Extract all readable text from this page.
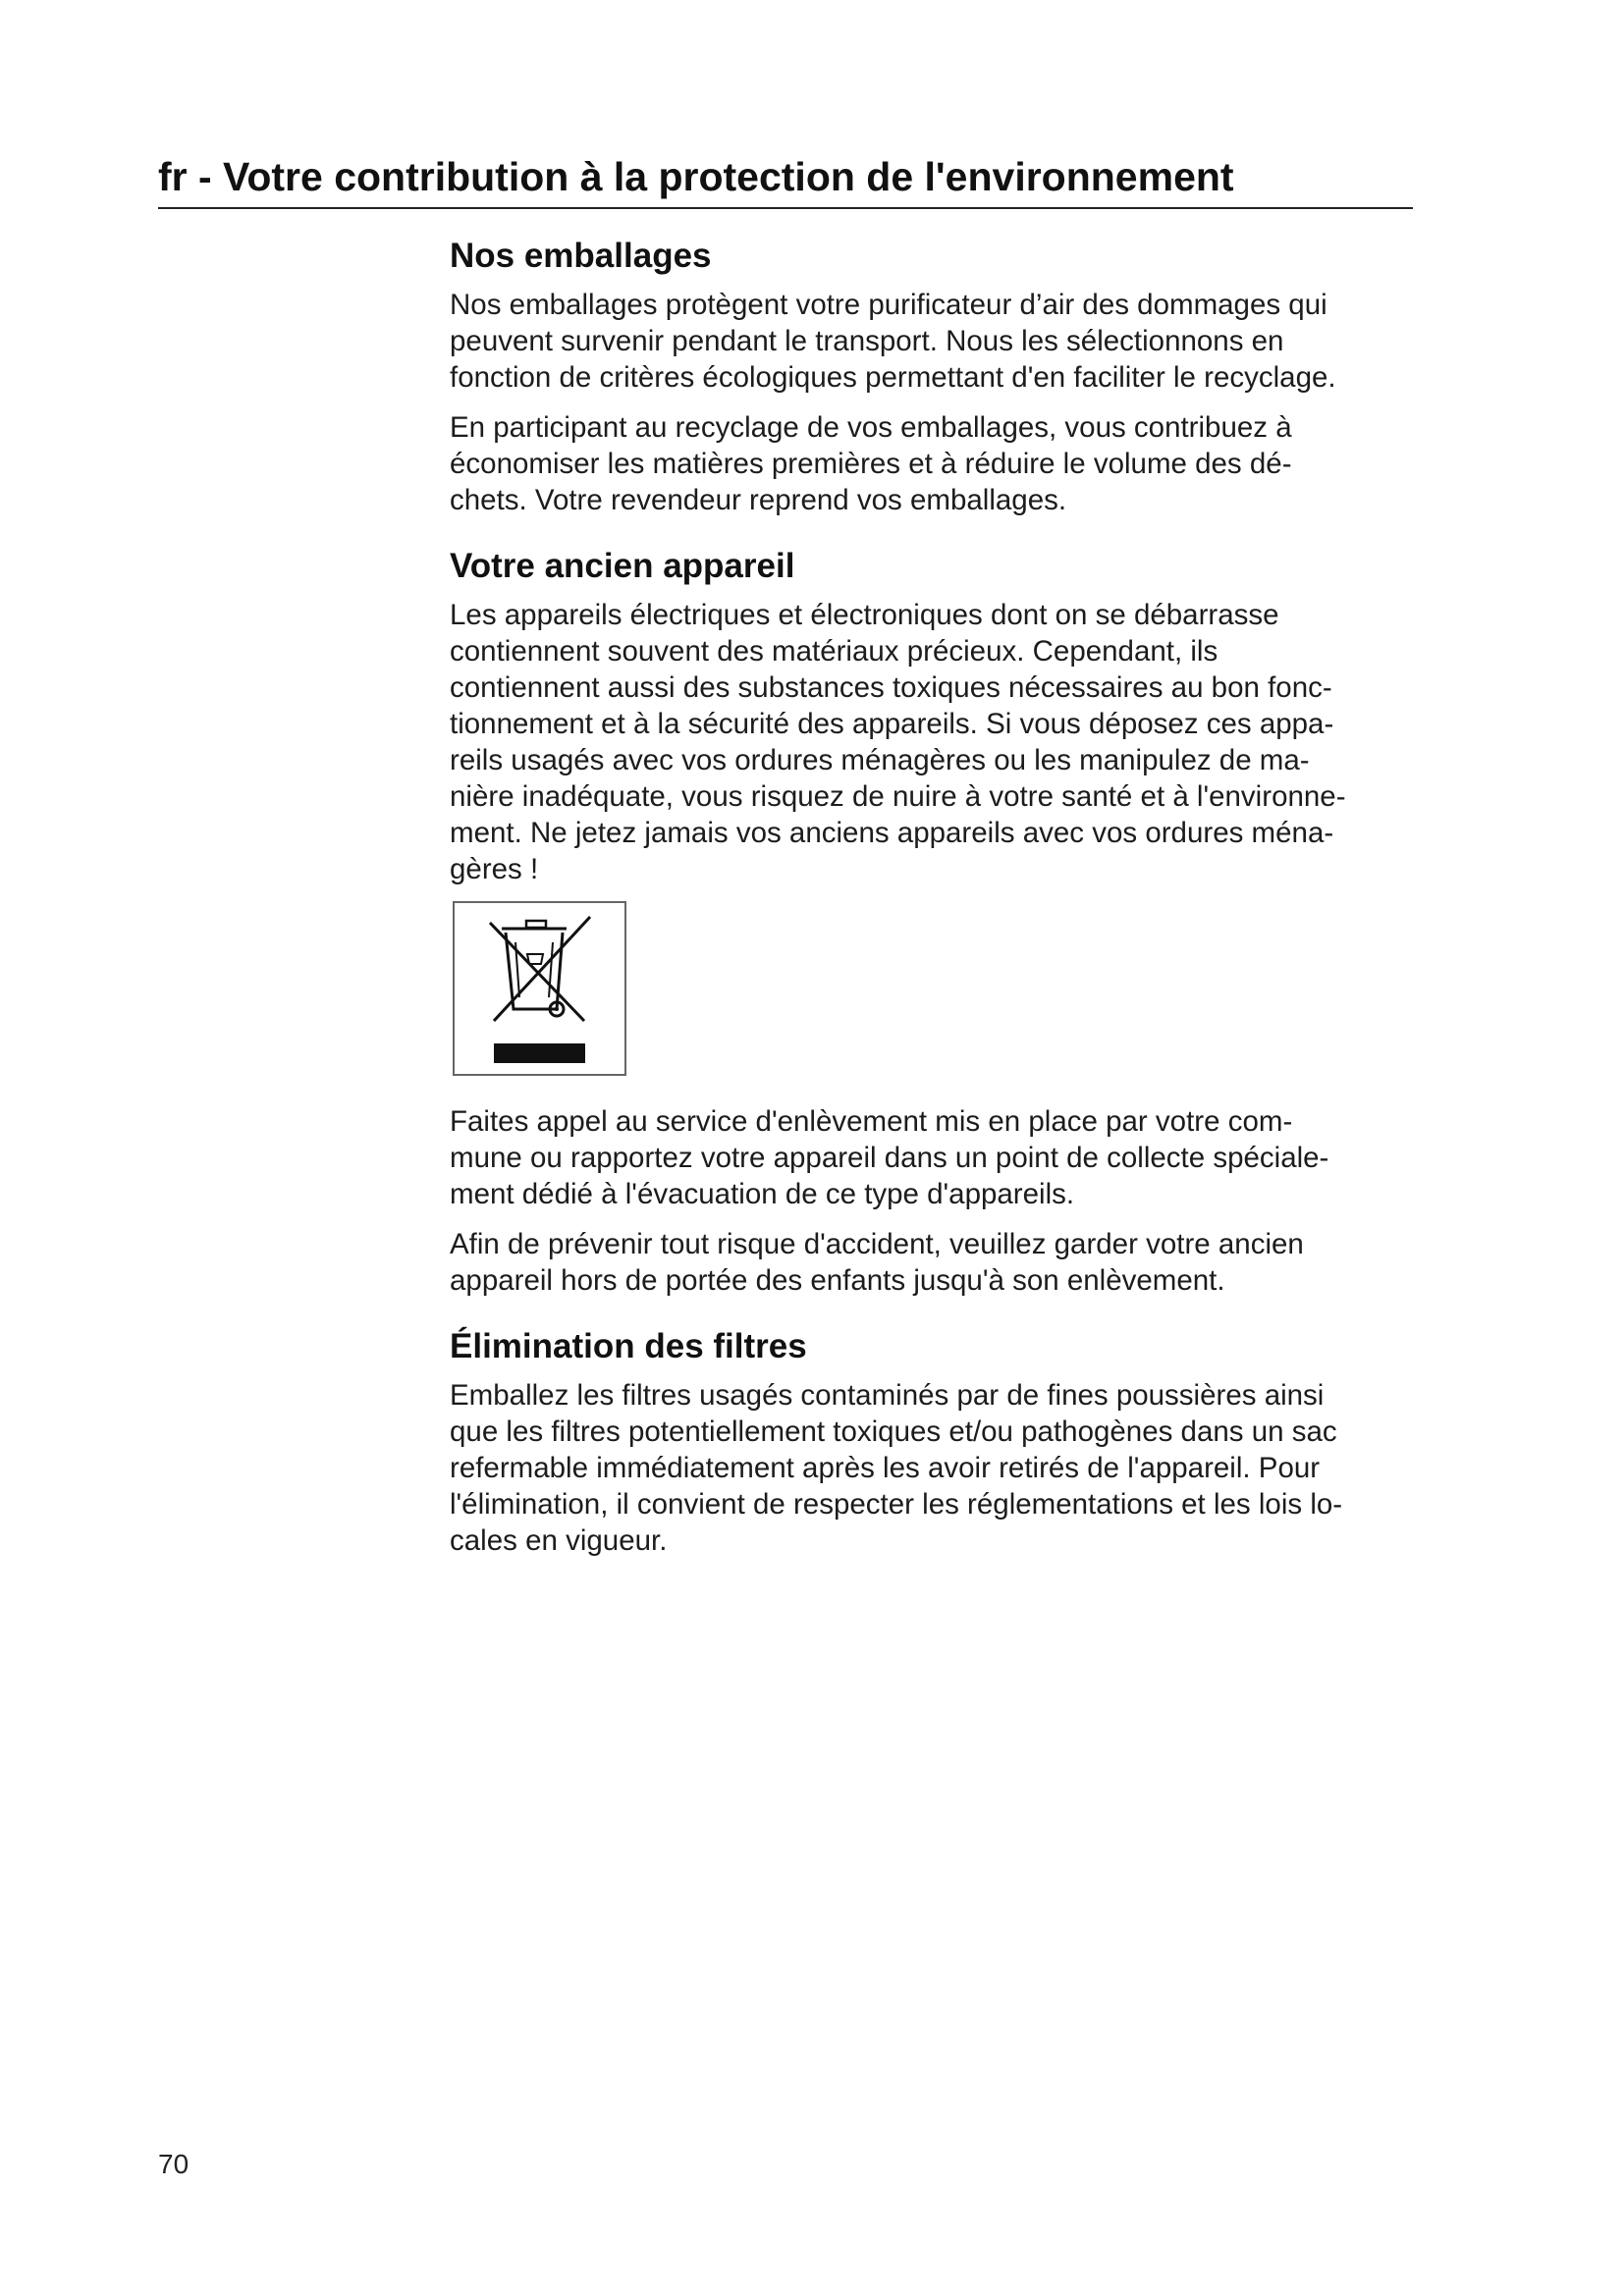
fr - Votre contribution à la protection de l'environnement
Nos emballages

Nos emballages protègent votre purificateur d’air des dommages qui
peuvent survenir pendant le transport. Nous les sélectionnons en
fonction de critères écologiques permettant d'en faciliter le recyclage.

En participant au recyclage de vos emballages, vous contribuez à
économiser les matières premières et à réduire le volume des dé-
chets. Votre revendeur reprend vos emballages.

Votre ancien appareil

Les appareils électriques et électroniques dont on se débarrasse
contiennent souvent des matériaux précieux. Cependant, ils
contiennent aussi des substances toxiques nécessaires au bon fonc-
tionnement et à la sécurité des appareils. Si vous déposez ces appa-
reils usagés avec vos ordures ménagères ou les manipulez de ma-
nière inadéquate, vous risquez de nuire à votre santé et à l'environne-
ment. Ne jetez jamais vos anciens appareils avec vos ordures ména-
gères !

Faites appel au service d'enlèvement mis en place par votre com-
mune ou rapportez votre appareil dans un point de collecte spéciale-
ment dédié à l'évacuation de ce type d'appareils.

Afin de prévenir tout risque d'accident, veuillez garder votre ancien
appareil hors de portée des enfants jusqu'à son enlèvement.

Élimination des filtres

Emballez les filtres usagés contaminés par de fines poussières ainsi
que les filtres potentiellement toxiques et/ou pathogènes dans un sac
refermable immédiatement après les avoir retirés de l'appareil. Pour
l'élimination, il convient de respecter les réglementations et les lois lo-
cales en vigueur.

70
